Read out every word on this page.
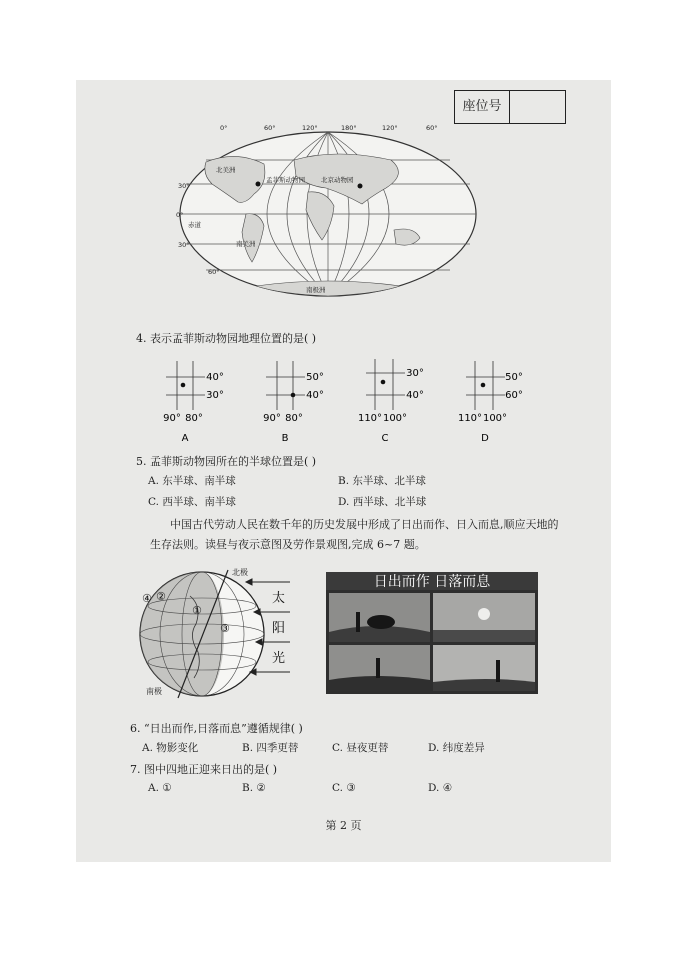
座位号
0°	60°	120°	180°	120°	60°
30°
0°
30°
60°
赤道
孟菲斯动物园 北京动物园
北美洲
南美洲
南极洲
4. 表示孟菲斯动物园地理位置的是( )
40°
30°
90° 80°
A
50°
40°
90° 80°
B
30°
40°
110° 100°
C
50°
60°
110° 100°
D
5. 孟菲斯动物园所在的半球位置是( )
A. 东半球、南半球	B. 东半球、北半球
C. 西半球、南半球	D. 西半球、北半球
中国古代劳动人民在数千年的历史发展中形成了日出而作、日入而息,顺应天地的
生存法则。读昼与夜示意图及劳作景观图,完成 6~7 题。
北极
南极
④ ②
①
③
太
阳
光
日出而作 日落而息
6. “日出而作,日落而息”遵循规律( )
A. 物影变化	B. 四季更替	C. 昼夜更替	D. 纬度差异
7. 图中四地正迎来日出的是( )
A. ①	B. ②	C. ③	D. ④
第 2 页
